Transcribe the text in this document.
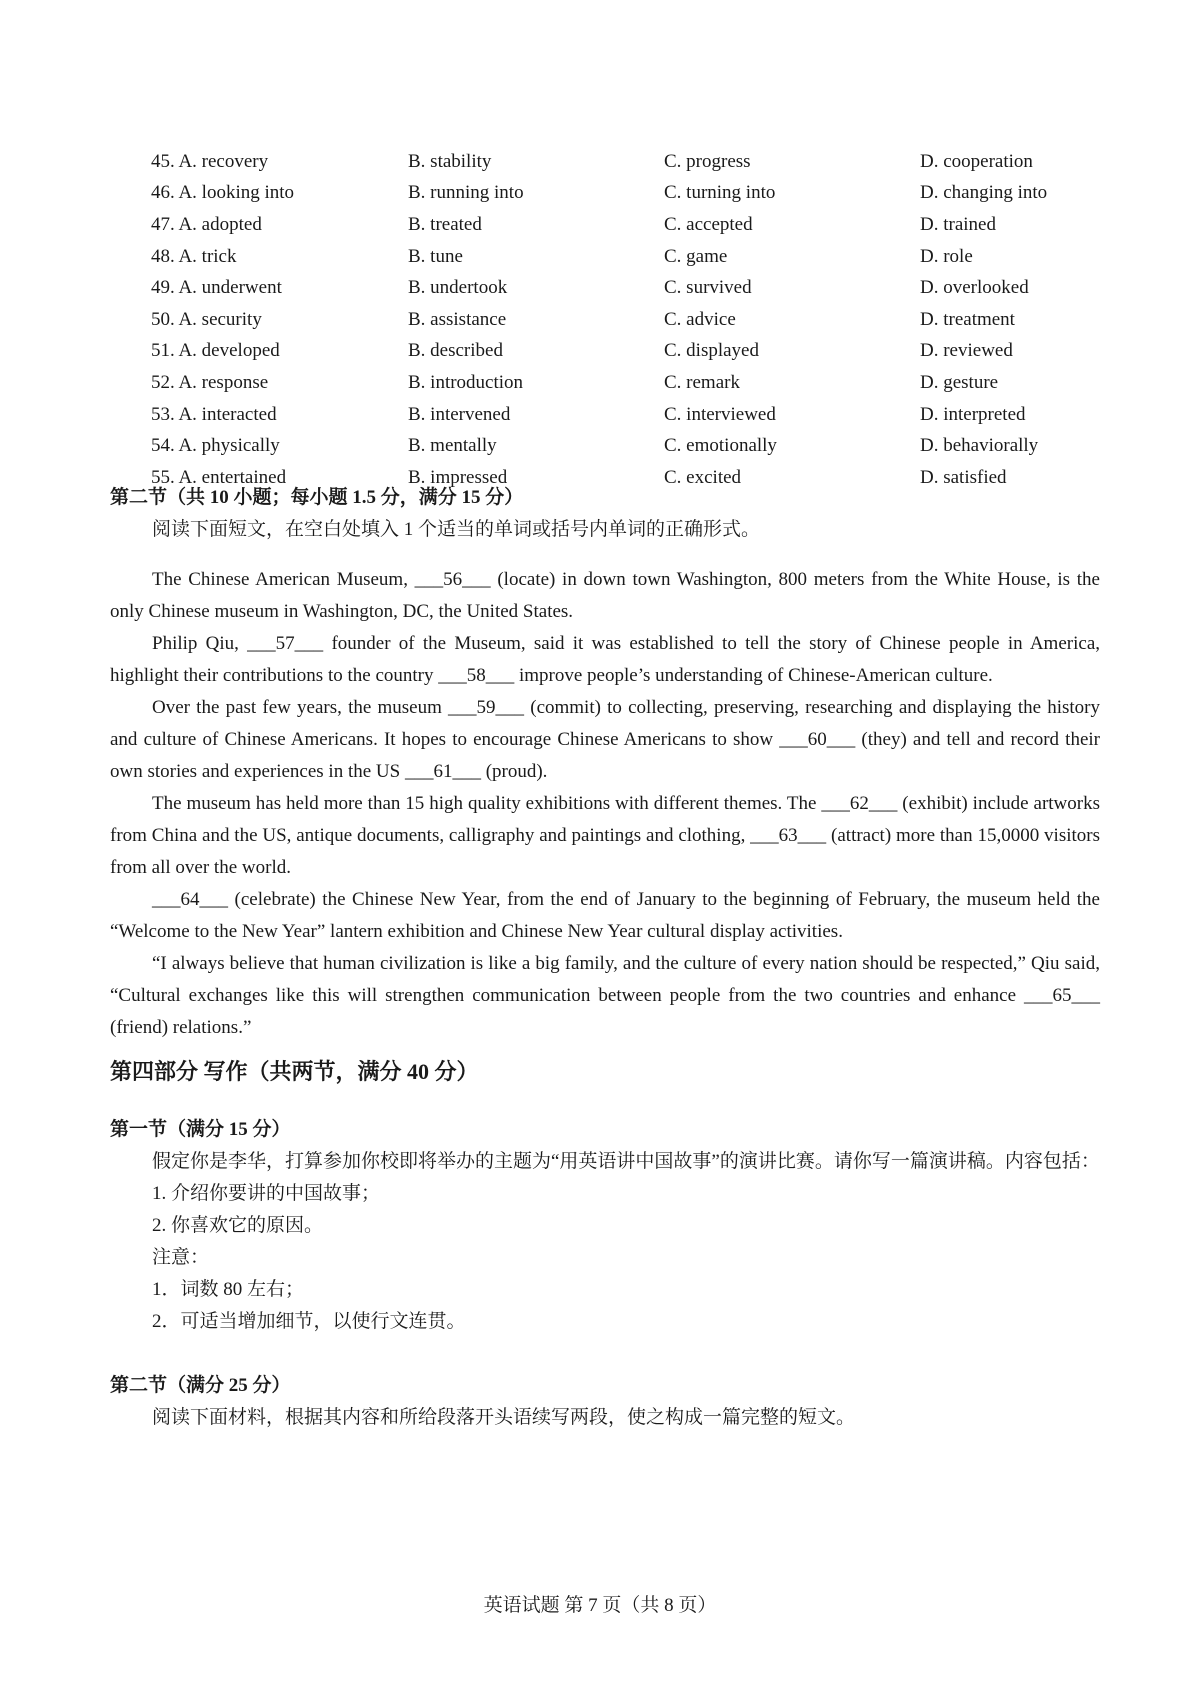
45. A. recovery	B. stability	C. progress	D. cooperation
46. A. looking into	B. running into	C. turning into	D. changing into
47. A. adopted	B. treated	C. accepted	D. trained
48. A. trick	B. tune	C. game	D. role
49. A. underwent	B. undertook	C. survived	D. overlooked
50. A. security	B. assistance	C. advice	D. treatment
51. A. developed	B. described	C. displayed	D. reviewed
52. A. response	B. introduction	C. remark	D. gesture
53. A. interacted	B. intervened	C. interviewed	D. interpreted
54. A. physically	B. mentally	C. emotionally	D. behaviorally
55. A. entertained	B. impressed	C. excited	D. satisfied
第二节（共 10 小题；每小题 1.5 分，满分 15 分）
阅读下面短文，在空白处填入 1 个适当的单词或括号内单词的正确形式。
The Chinese American Museum, ___56___ (locate) in down town Washington, 800 meters from the White House, is the only Chinese museum in Washington, DC, the United States.
Philip Qiu, ___57___ founder of the Museum, said it was established to tell the story of Chinese people in America, highlight their contributions to the country ___58___ improve people’s understanding of Chinese-American culture.
Over the past few years, the museum ___59___ (commit) to collecting, preserving, researching and displaying the history and culture of Chinese Americans. It hopes to encourage Chinese Americans to show ___60___ (they) and tell and record their own stories and experiences in the US ___61___ (proud).
The museum has held more than 15 high quality exhibitions with different themes. The ___62___ (exhibit) include artworks from China and the US, antique documents, calligraphy and paintings and clothing, ___63___ (attract) more than 15,0000 visitors from all over the world.
___64___ (celebrate) the Chinese New Year, from the end of January to the beginning of February, the museum held the “Welcome to the New Year” lantern exhibition and Chinese New Year cultural display activities.
“I always believe that human civilization is like a big family, and the culture of every nation should be respected,” Qiu said, “Cultural exchanges like this will strengthen communication between people from the two countries and enhance ___65___ (friend) relations.”
第四部分 写作（共两节，满分 40 分）
第一节（满分 15 分）
假定你是李华，打算参加你校即将举办的主题为“用英语讲中国故事”的演讲比赛。请你写一篇演讲稿。内容包括：
1. 介绍你要讲的中国故事；
2. 你喜欢它的原因。
注意：
1．词数 80 左右；
2．可适当增加细节，以使行文连贯。
第二节（满分 25 分）
阅读下面材料，根据其内容和所给段落开头语续写两段，使之构成一篇完整的短文。
英语试题 第 7 页（共 8 页）
